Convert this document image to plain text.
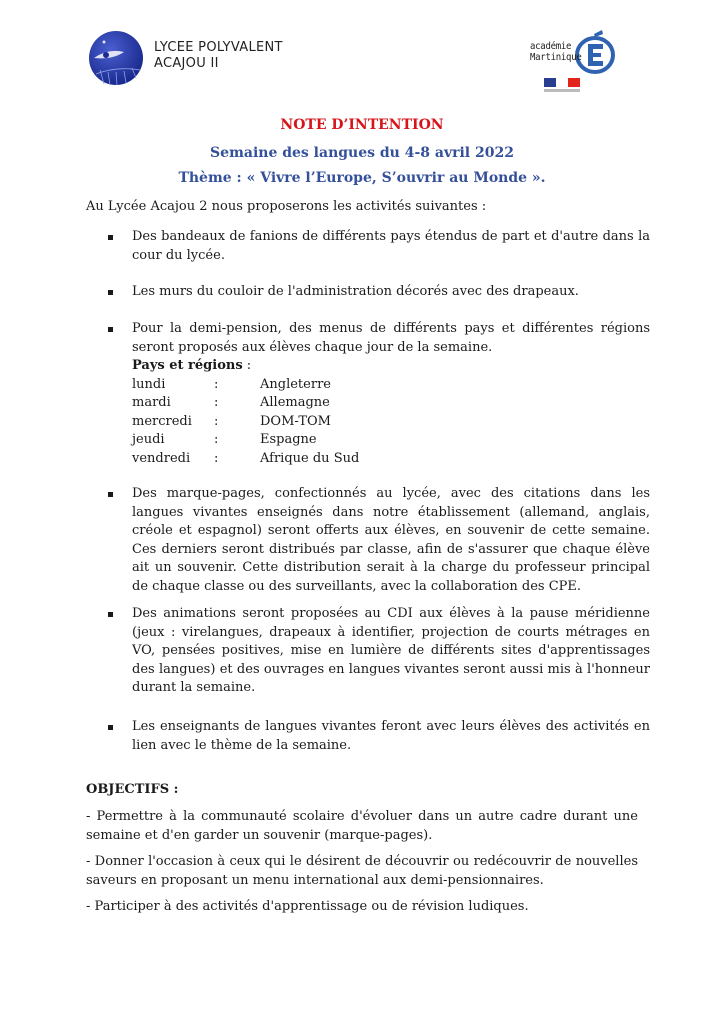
LYCEE POLYVALENT
ACAJOU II
académie
Martinique
NOTE D’INTENTION
Semaine des langues du 4-8 avril 2022
Thème : « Vivre l’Europe, S’ouvrir au Monde ».
Au Lycée Acajou 2 nous proposerons les activités suivantes :
Des bandeaux de fanions de différents pays étendus de part et d'autre dans la cour du lycée.
Les murs du couloir de l'administration décorés avec des drapeaux.
Pour la demi-pension, des menus de différents pays et différentes régions seront proposés aux élèves chaque jour de la semaine.
Pays et régions :
lundi	:	Angleterre
mardi	:	Allemagne
mercredi	:	DOM-TOM
jeudi	:	Espagne
vendredi	:	Afrique du Sud
Des marque-pages, confectionnés au lycée, avec des citations dans les langues vivantes enseignés dans notre établissement (allemand, anglais, créole et espagnol) seront offerts aux élèves, en souvenir de cette semaine. Ces derniers seront distribués par classe, afin de s'assurer que chaque élève ait un souvenir. Cette distribution serait à la charge du professeur principal de chaque classe ou des surveillants, avec la collaboration des CPE.
Des animations seront proposées au CDI aux élèves à la pause méridienne (jeux : virelangues, drapeaux à identifier, projection de courts métrages en VO, pensées positives, mise en lumière de différents sites d'apprentissages des langues) et des ouvrages en langues vivantes seront aussi mis à l'honneur durant la semaine.
Les enseignants de langues vivantes feront avec leurs élèves des activités en lien avec le thème de la semaine.
OBJECTIFS :
- Permettre à la communauté scolaire d'évoluer dans un autre cadre durant une semaine et d'en garder un souvenir (marque-pages).
- Donner l'occasion à ceux qui le désirent de découvrir ou redécouvrir de nouvelles saveurs en proposant un menu international aux demi-pensionnaires.
- Participer à des activités d'apprentissage ou de révision ludiques.
